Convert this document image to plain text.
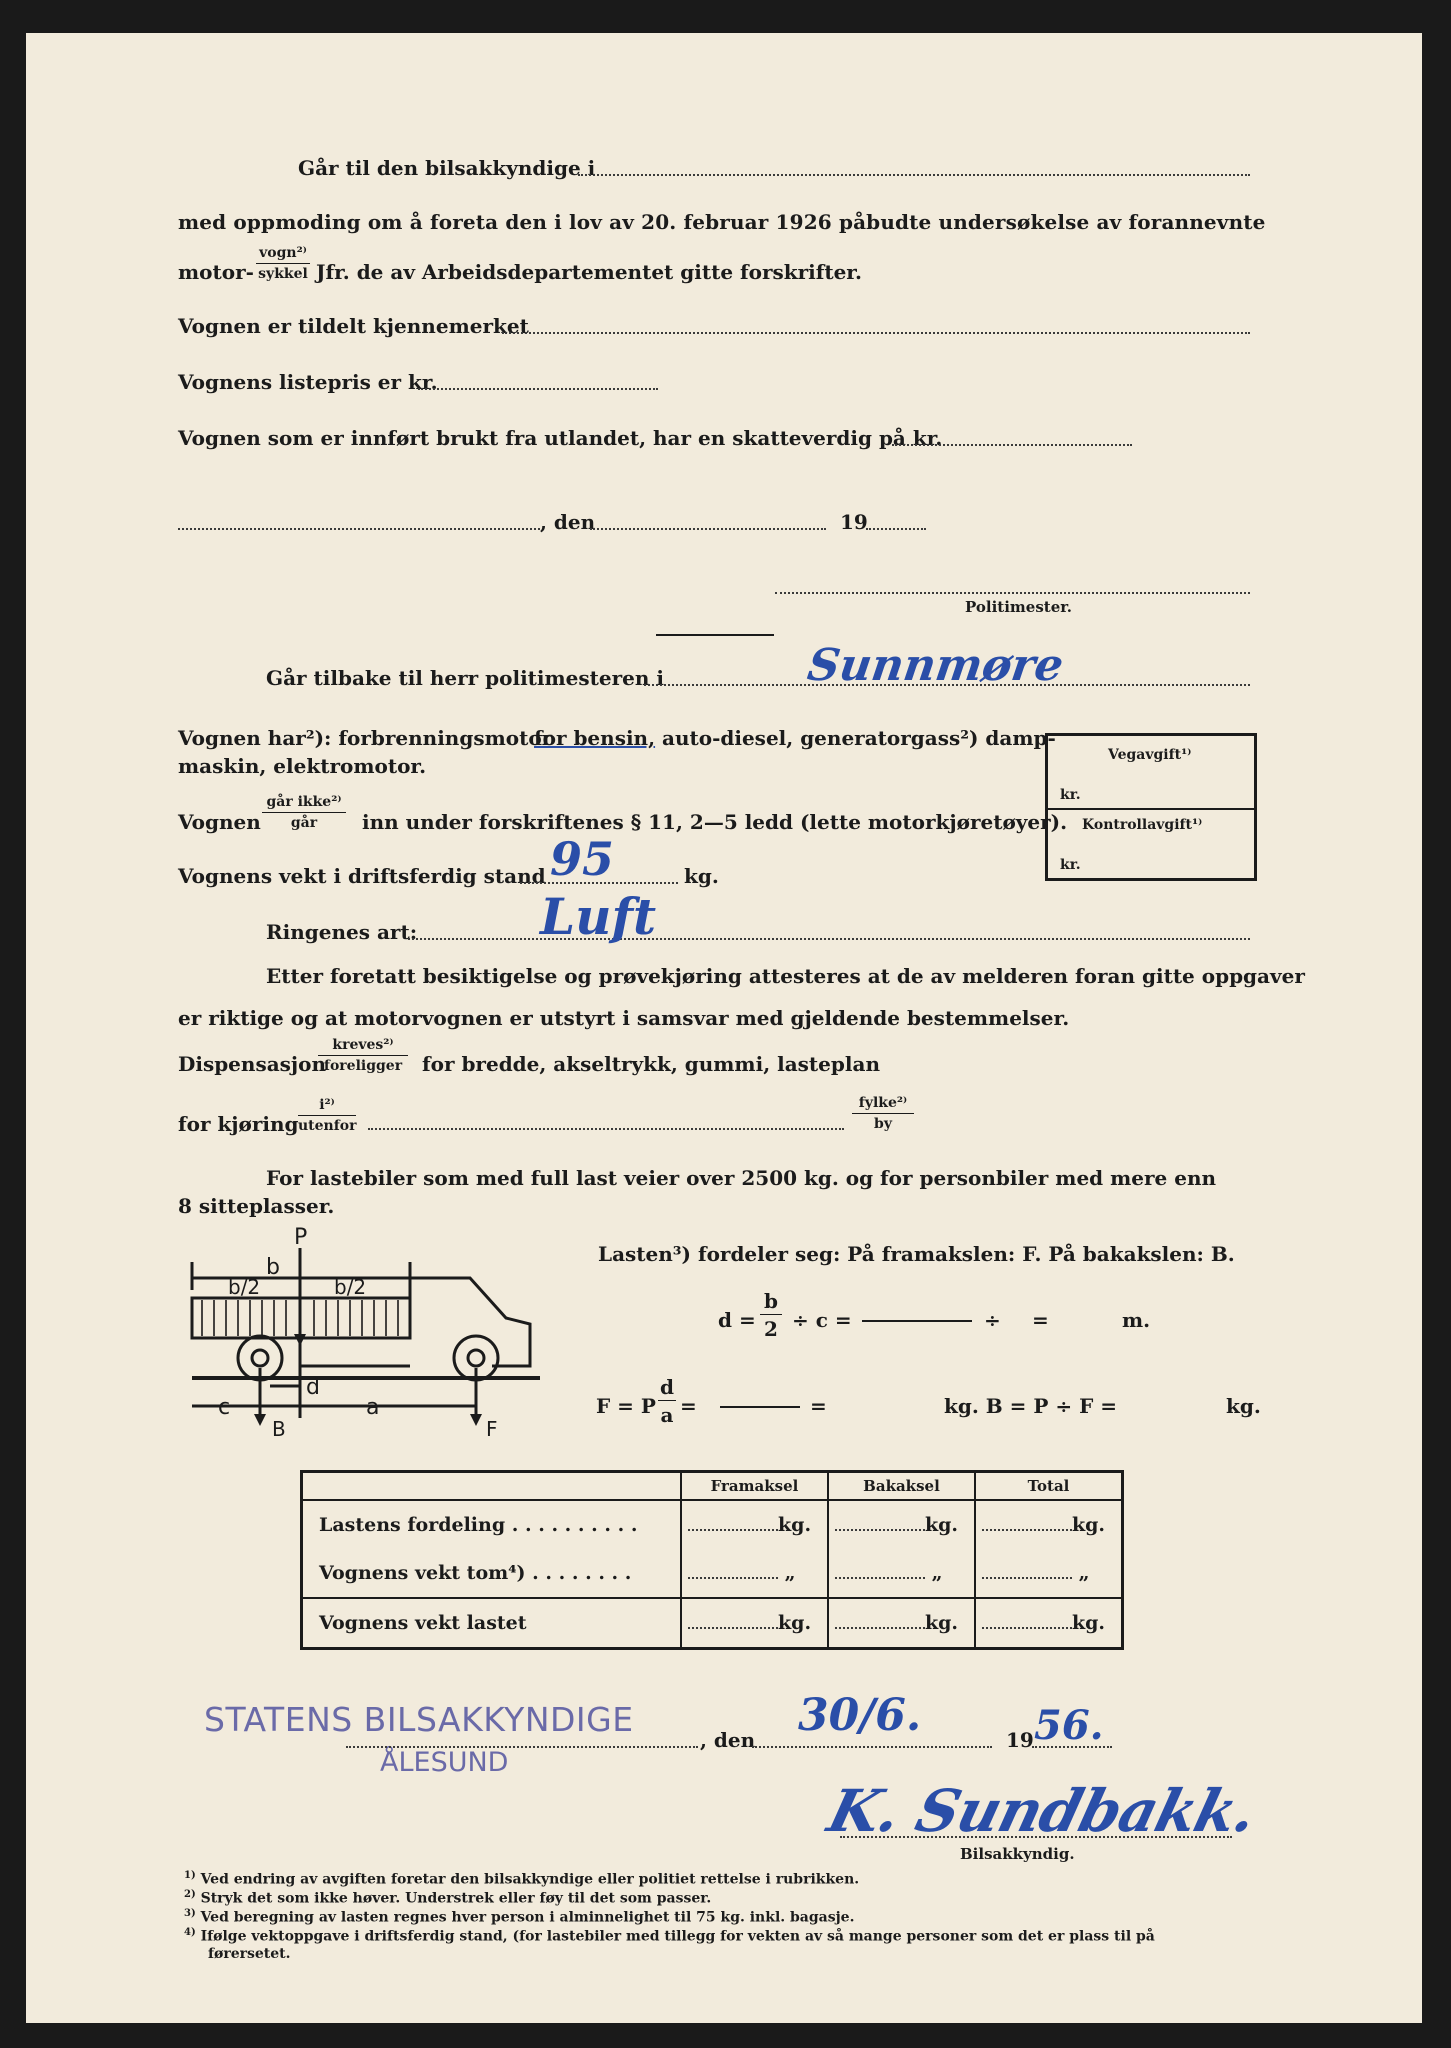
Går til den bilsakkyndige i
med oppmoding om å foreta den i lov av 20. februar 1926 påbudte undersøkelse av forannevnte
motor-
vogn²⁾
sykkel Jfr. de av Arbeidsdepartementet gitte forskrifter.
Vognen er tildelt kjennemerket
Vognens listepris er kr.
Vognen som er innført brukt fra utlandet, har en skatteverdig på kr.
, den	19
Politimester.
Går tilbake til herr politimesteren i	Sunnmøre
Vognen har²): forbrenningsmotor
for bensin, auto-diesel, generatorgass²) damp-
maskin, elektromotor.
Vognen
går ikke²⁾
går	inn under forskriftenes § 11, 2—5 ledd (lette motorkjøretøyer).
Vognens vekt i driftsferdig stand 95	kg.
Ringenes art: Luft
Etter foretatt besiktigelse og prøvekjøring attesteres at de av melderen foran gitte oppgaver
er riktige og at motorvognen er utstyrt i samsvar med gjeldende bestemmelser.
Dispensasjon
kreves²⁾
foreligger for bredde, akseltrykk, gummi, lasteplan
for kjøring
i²⁾
utenfor
fylke²⁾
by
For lastebiler som med full last veier over 2500 kg. og for personbiler med mere enn
8 sitteplasser.
P
b
b/2	b/2
d
c	a
B	F
Lasten³) fordeler seg: På framakslen: F. På bakakslen: B.
$d = \frac{b}{2} \div c$ =	÷ =	m.
F = P $\frac{d}{a}$ =	=	kg. B = P ÷ F =	kg.
Vegavgift¹⁾
kr.
Kontrollavgift¹⁾
kr.
	Framaksel	Bakaksel	Total
Lastens fordeling . . . . . . . . . .	kg.	kg.	kg.
Vognens vekt tom⁴) . . . . . . . .	„	„	„
Vognens vekt lastet	kg.	kg.	kg.
STATENS BILSAKKYNDIGE
ÅLESUND
, den 30/6.	19 56.
K. Sundbakk.
Bilsakkyndig.
$^{1)}$ Ved endring av avgiften foretar den bilsakkyndige eller politiet rettelse i rubrikken.
$^{2)}$ Stryk det som ikke høver. Understrek eller føy til det som passer.
$^{3)}$ Ved beregning av lasten regnes hver person i alminnelighet til 75 kg. inkl. bagasje.
$^{4)}$ Ifølge vektoppgave i driftsferdig stand, (for lastebiler med tillegg for vekten av så mange personer som det er plass til på
førersetet.
